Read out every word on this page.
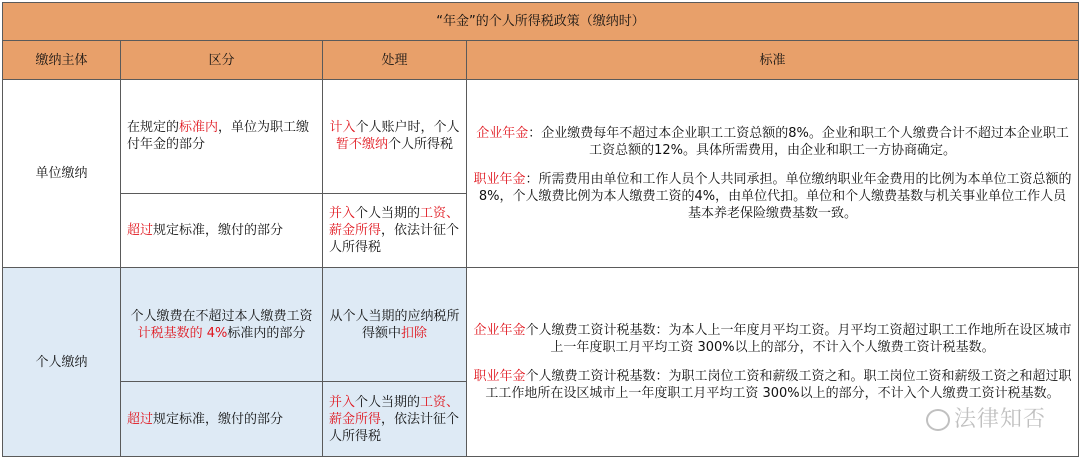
“年金”的个人所得税政策（缴纳时）			
缴纳主体	区分	处理	标准
单位缴纳	在规定的标准内，单位为职工缴付年金的部分	计入个人账户时，个人暂不缴纳个人所得税	企业年金：企业缴费每年不超过本企业职工工资总额的8%。企业和职工个人缴费合计不超过本企业职工工资总额的12%。具体所需费用，由企业和职工一方协商确定。

职业年金：所需费用由单位和工作人员个人共同承担。单位缴纳职业年金费用的比例为本单位工资总额的8%，个人缴费比例为本人缴费工资的4%，由单位代扣。单位和个人缴费基数与机关事业单位工作人员基本养老保险缴费基数一致。

	超过规定标准，缴付的部分	并入个人当期的工资、薪金所得，依法计征个人所得税	
个人缴纳	个人缴费在不超过本人缴费工资计税基数的 4%标准内的部分	从个人当期的应纳税所得额中扣除	企业年金个人缴费工资计税基数：为本人上一年度月平均工资。月平均工资超过职工工作地所在设区城市上一年度职工月平均工资 300%以上的部分，不计入个人缴费工资计税基数。

职业年金个人缴费工资计税基数：为职工岗位工资和薪级工资之和。职工岗位工资和薪级工资之和超过职工工作地所在设区城市上一年度职工月平均工资 300%以上的部分，不计入个人缴费工资计税基数。

	超过规定标准，缴付的部分	并入个人当期的工资、薪金所得，依法计征个人所得税	
法律知否
